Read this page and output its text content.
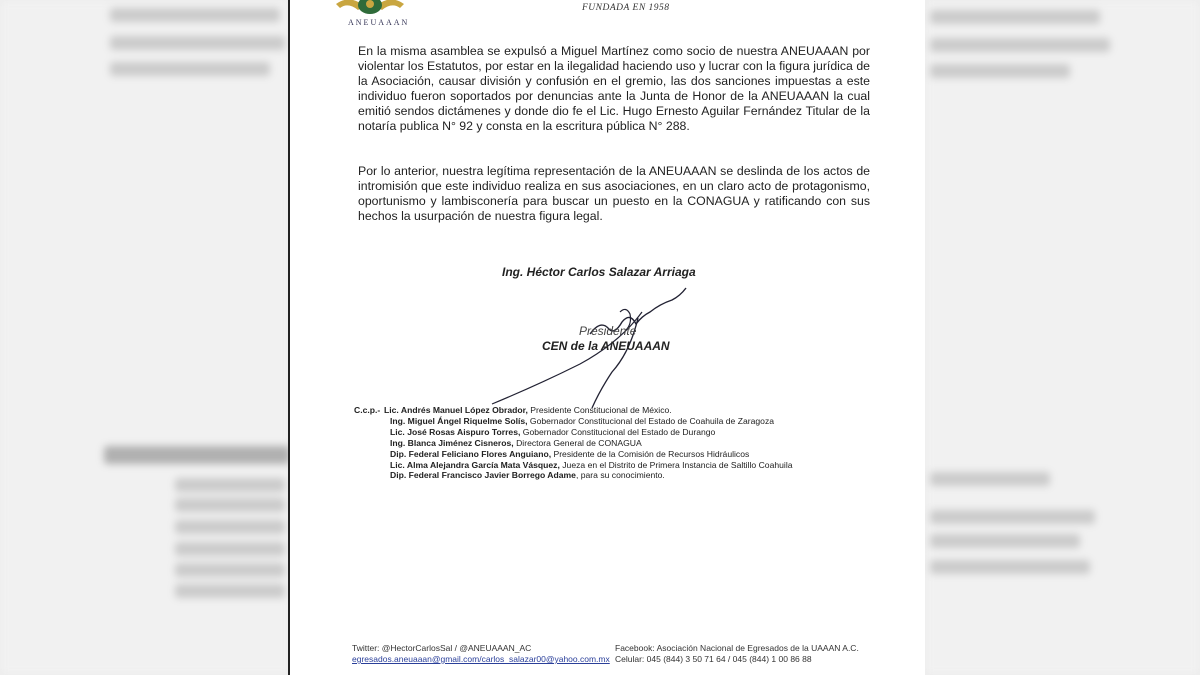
ANEUAAAN
FUNDADA EN 1958

En la misma asamblea se expulsó a Miguel Martínez como socio de nuestra ANEUAAAN por violentar los Estatutos, por estar en la ilegalidad haciendo uso y lucrar con la figura jurídica de la Asociación, causar división y confusión en el gremio, las dos sanciones impuestas a este individuo fueron soportados por denuncias ante la Junta de Honor de la ANEUAAAN la cual emitió sendos dictámenes y donde dio fe el Lic. Hugo Ernesto Aguilar Fernández Titular de la notaría publica N° 92 y consta en la escritura pública N° 288.

Por lo anterior, nuestra legítima representación de la ANEUAAAN se deslinda de los actos de intromisión que este individuo realiza en sus asociaciones, en un claro acto de protagonismo, oportunismo y lambisconería para buscar un puesto en la CONAGUA y ratificando con sus hechos la usurpación de nuestra figura legal.

Ing. Héctor Carlos Salazar Arriaga
Presidente
CEN de la ANEUAAAN
C.c.p.- Lic. Andrés Manuel López Obrador, Presidente Constitucional de México.
Ing. Miguel Ángel Riquelme Solís, Gobernador Constitucional del Estado de Coahuila de Zaragoza
Lic. José Rosas Aispuro Torres, Gobernador Constitucional del Estado de Durango
Ing. Blanca Jiménez Cisneros, Directora General de CONAGUA
Dip. Federal Feliciano Flores Anguiano, Presidente de la Comisión de Recursos Hidráulicos
Lic. Alma Alejandra García Mata Vásquez, Jueza en el Distrito de Primera Instancia de Saltillo Coahuila
Dip. Federal Francisco Javier Borrego Adame, para su conocimiento.
Twitter: @HectorCarlosSal / @ANEUAAAN_AC
egresados.aneuaaan@gmail.com/carlos_salazar00@yahoo.com.mx
Facebook: Asociación Nacional de Egresados de la UAAAN A.C.
Celular: 045 (844) 3 50 71 64 / 045 (844) 1 00 86 88
